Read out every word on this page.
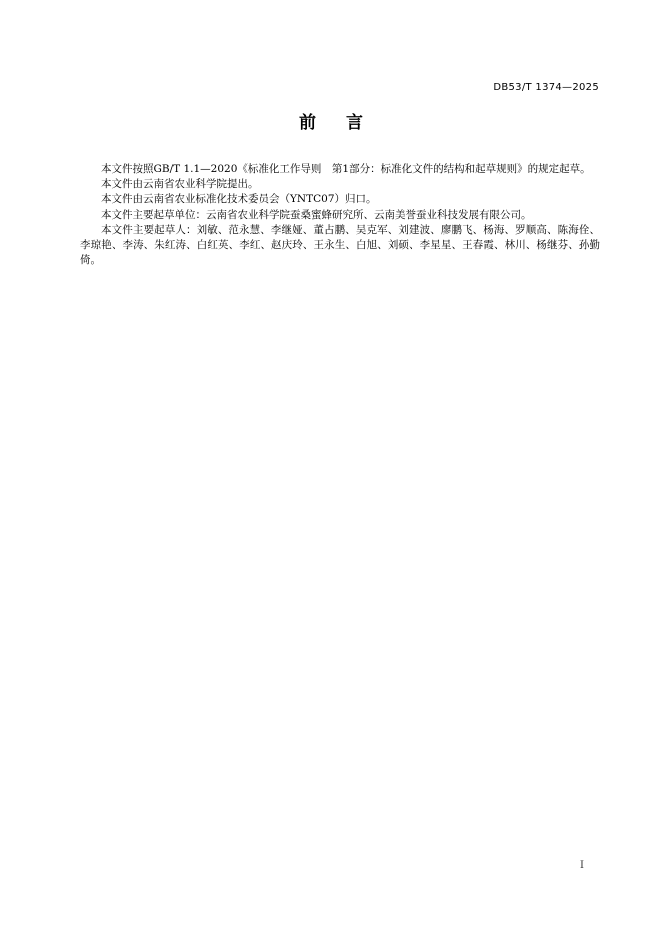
DB53/T 1374—2025
前 言

本文件按照GB/T 1.1—2020《标准化工作导则　第1部分：标准化文件的结构和起草规则》的规定起草。

本文件由云南省农业科学院提出。

本文件由云南省农业标准化技术委员会（YNTC07）归口。

本文件主要起草单位：云南省农业科学院蚕桑蜜蜂研究所、云南美誉蚕业科技发展有限公司。

本文件主要起草人：刘敏、范永慧、李继娅、董占鹏、吴克军、刘建波、廖鹏飞、杨海、罗顺高、陈海佺、李琼艳、李涛、朱红涛、白红英、李红、赵庆玲、王永生、白旭、刘硕、李星星、王春霞、林川、杨继芬、孙勤倚。

I
